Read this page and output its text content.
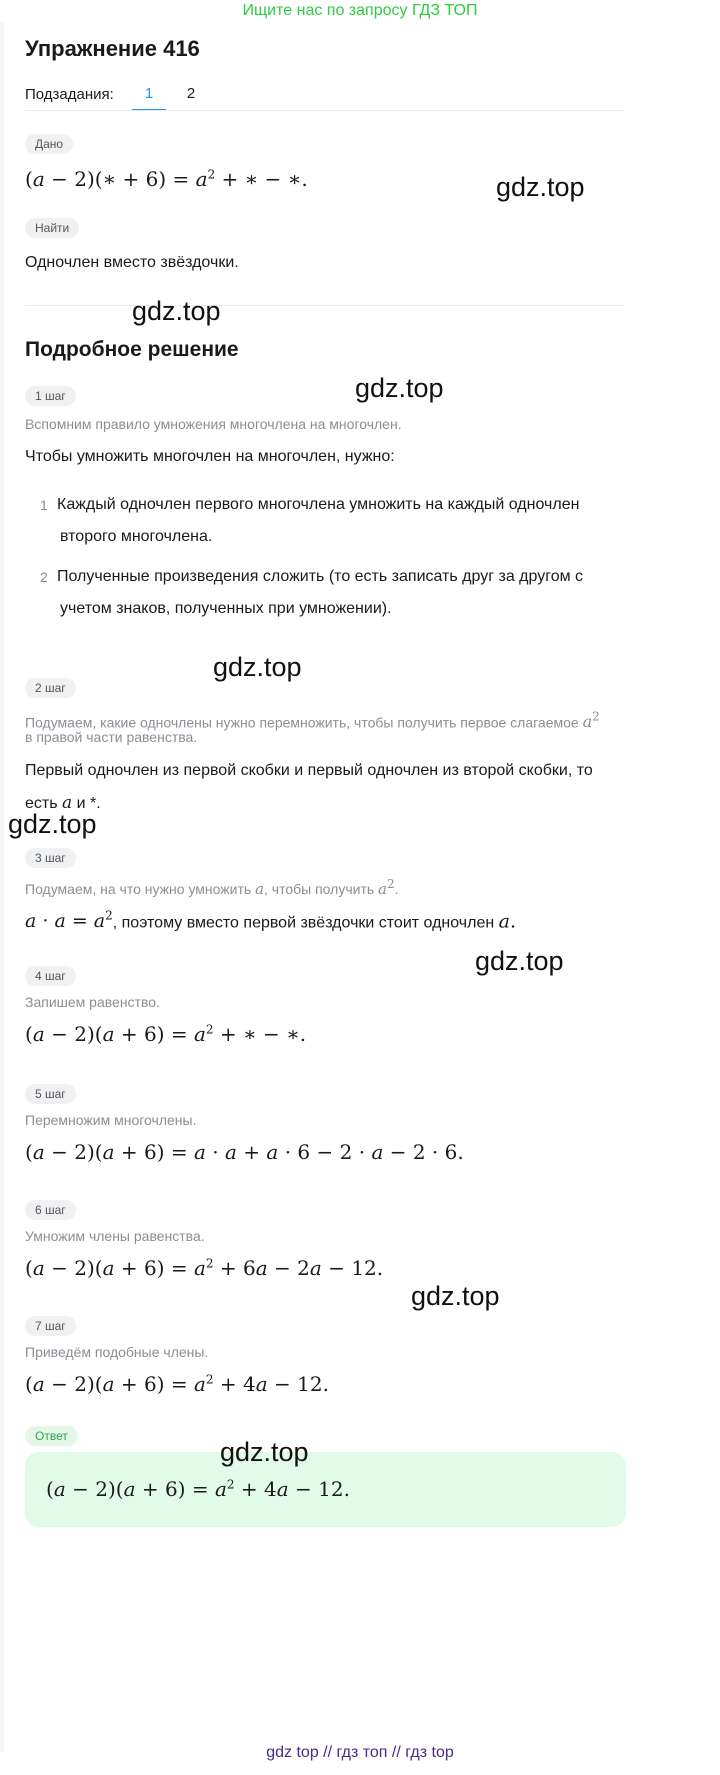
Ищите нас по запросу ГДЗ ТОП
Упражнение 416
Подзадания:	1	2
Дано
(a − 2)(∗ + $6) = a^2$ + ∗ − ∗.
Найти
Одночлен вместо звёздочки.
Подробное решение
1 шаг
Вспомним правило умножения многочлена на многочлен.
Чтобы умножить многочлен на многочлен, нужно:
1 Каждый одночлен первого многочлена умножить на каждый одночлен
второго многочлена.
2 Полученные произведения сложить (то есть записать друг за другом с
учетом знаков, полученных при умножении).
2 шаг
Подумаем, какие одночлены нужно перемножить, чтобы получить первое слагаемое $a^2$
в правой части равенства.
Первый одночлен из первой скобки и первый одночлен из второй скобки, то
есть a и *.
3 шаг
Подумаем, на что нужно умножить a, чтобы получить $a^2$.
$a \cdot a = a^2$, поэтому вместо первой звёздочки стоит одночлен a.
4 шаг
Запишем равенство.
$(a - 2)(a + 6) = a^2$ + ∗ − ∗.
5 шаг
Перемножим многочлены.
(a − 2)(a + 6) = a · a + a · 6 − 2 · a − 2 · 6.
6 шаг
Умножим члены равенства.
$(a - 2)(a + 6) = a^2 + 6a - 2a - 12$.
7 шаг
Приведём подобные члены.
$(a - 2)(a + 6) = a^2 + 4a - 12$.
Ответ
$(a - 2)(a + 6) = a^2 + 4a - 12$.
gdz.top
gdz.top
gdz.top
gdz.top
gdz.top
gdz.top
gdz.top
gdz.top
gdz top // гдз топ // гдз top
